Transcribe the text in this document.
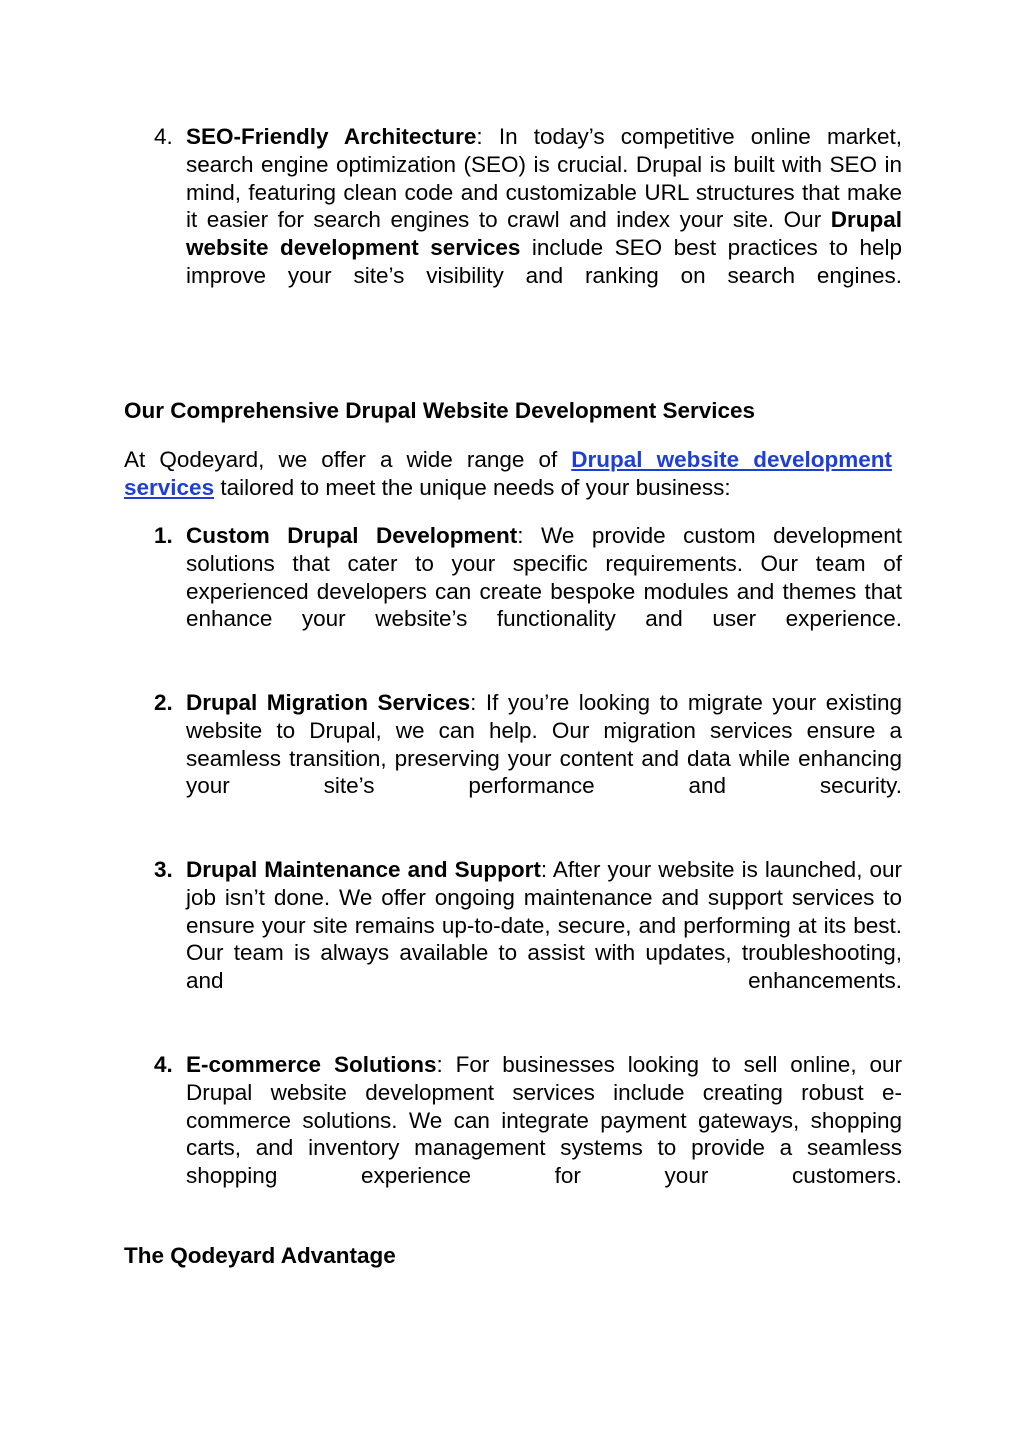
4. SEO-Friendly Architecture: In today’s competitive online market, search engine optimization (SEO) is crucial. Drupal is built with SEO in mind, featuring clean code and customizable URL structures that make it easier for search engines to crawl and index your site. Our Drupal website development services include SEO best practices to help improve your site’s visibility and ranking on search engines.
Our Comprehensive Drupal Website Development Services
At Qodeyard, we offer a wide range of Drupal website development
services tailored to meet the unique needs of your business:
1. Custom Drupal Development: We provide custom development solutions that cater to your specific requirements. Our team of experienced developers can create bespoke modules and themes that enhance your website’s functionality and user experience.
2. Drupal Migration Services: If you’re looking to migrate your existing website to Drupal, we can help. Our migration services ensure a seamless transition, preserving your content and data while enhancing your site’s performance and security.
3. Drupal Maintenance and Support: After your website is launched, our job isn’t done. We offer ongoing maintenance and support services to ensure your site remains up-to-date, secure, and performing at its best. Our team is always available to assist with updates, troubleshooting, and enhancements.
4. E-commerce Solutions: For businesses looking to sell online, our Drupal website development services include creating robust e-commerce solutions. We can integrate payment gateways, shopping carts, and inventory management systems to provide a seamless shopping experience for your customers.
The Qodeyard Advantage
